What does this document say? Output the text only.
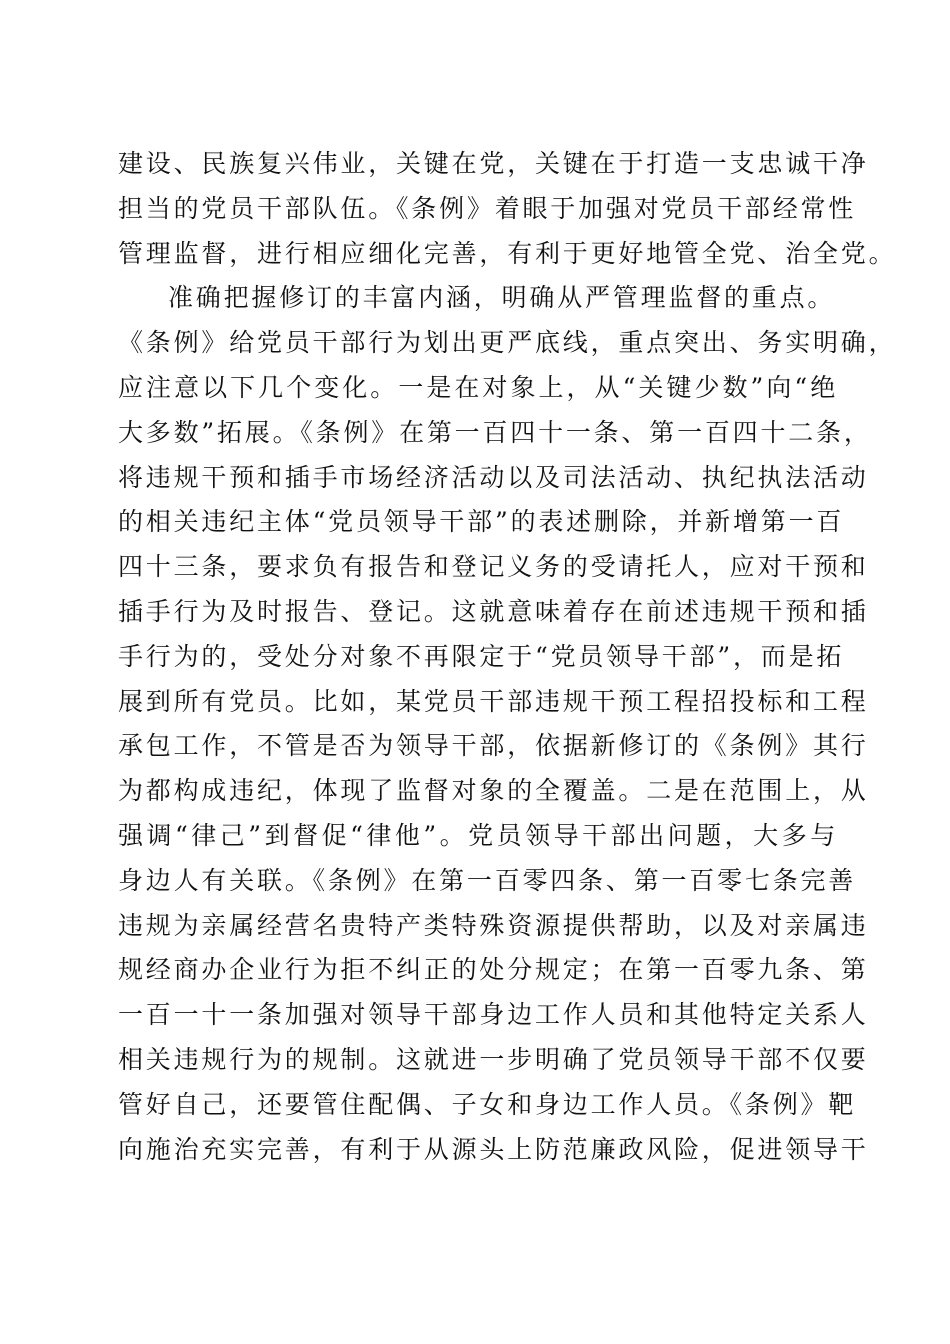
建设、民族复兴伟业，关键在党，关键在于打造一支忠诚干净
担当的党员干部队伍。《条例》着眼于加强对党员干部经常性
管理监督，进行相应细化完善，有利于更好地管全党、治全党。
准确把握修订的丰富内涵，明确从严管理监督的重点。
《条例》给党员干部行为划出更严底线，重点突出、务实明确，
应注意以下几个变化。一是在对象上，从“关键少数”向“绝
大多数”拓展。《条例》在第一百四十一条、第一百四十二条，
将违规干预和插手市场经济活动以及司法活动、执纪执法活动
的相关违纪主体“党员领导干部”的表述删除，并新增第一百
四十三条，要求负有报告和登记义务的受请托人，应对干预和
插手行为及时报告、登记。这就意味着存在前述违规干预和插
手行为的，受处分对象不再限定于“党员领导干部”，而是拓
展到所有党员。比如，某党员干部违规干预工程招投标和工程
承包工作，不管是否为领导干部，依据新修订的《条例》其行
为都构成违纪，体现了监督对象的全覆盖。二是在范围上，从
强调“律己”到督促“律他”。党员领导干部出问题，大多与
身边人有关联。《条例》在第一百零四条、第一百零七条完善
违规为亲属经营名贵特产类特殊资源提供帮助，以及对亲属违
规经商办企业行为拒不纠正的处分规定；在第一百零九条、第
一百一十一条加强对领导干部身边工作人员和其他特定关系人
相关违规行为的规制。这就进一步明确了党员领导干部不仅要
管好自己，还要管住配偶、子女和身边工作人员。《条例》靶
向施治充实完善，有利于从源头上防范廉政风险，促进领导干
